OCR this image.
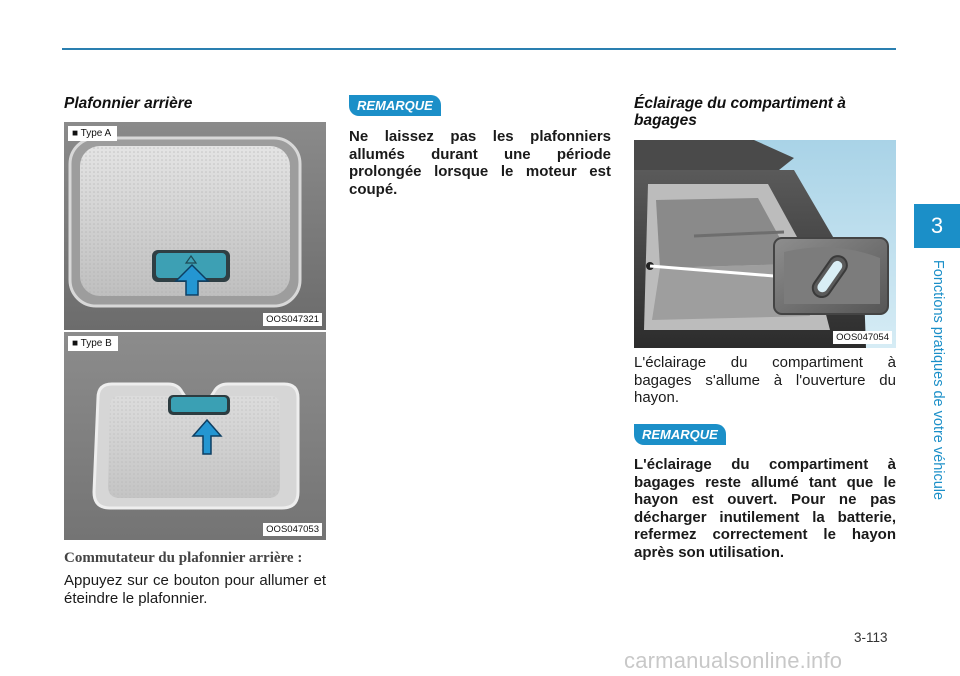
Plafonnier arrière
■ Type A
OOS047321
■ Type B
OOS047053
Commutateur du plafonnier arrière :
Appuyez sur ce bouton pour allumer et éteindre le plafonnier.
REMARQUE
Ne laissez pas les plafonniers allumés durant une période prolongée lorsque le moteur est coupé.
Éclairage du compartiment à bagages
OOS047054
L'éclairage du compartiment à bagages s'allume à l'ouverture du hayon.
REMARQUE
L'éclairage du compartiment à bagages reste allumé tant que le hayon est ouvert. Pour ne pas décharger inutilement la batterie, refermez correctement le hayon après son utilisation.
3
Fonctions pratiques de votre véhicule
3-113
carmanualsonline.info
